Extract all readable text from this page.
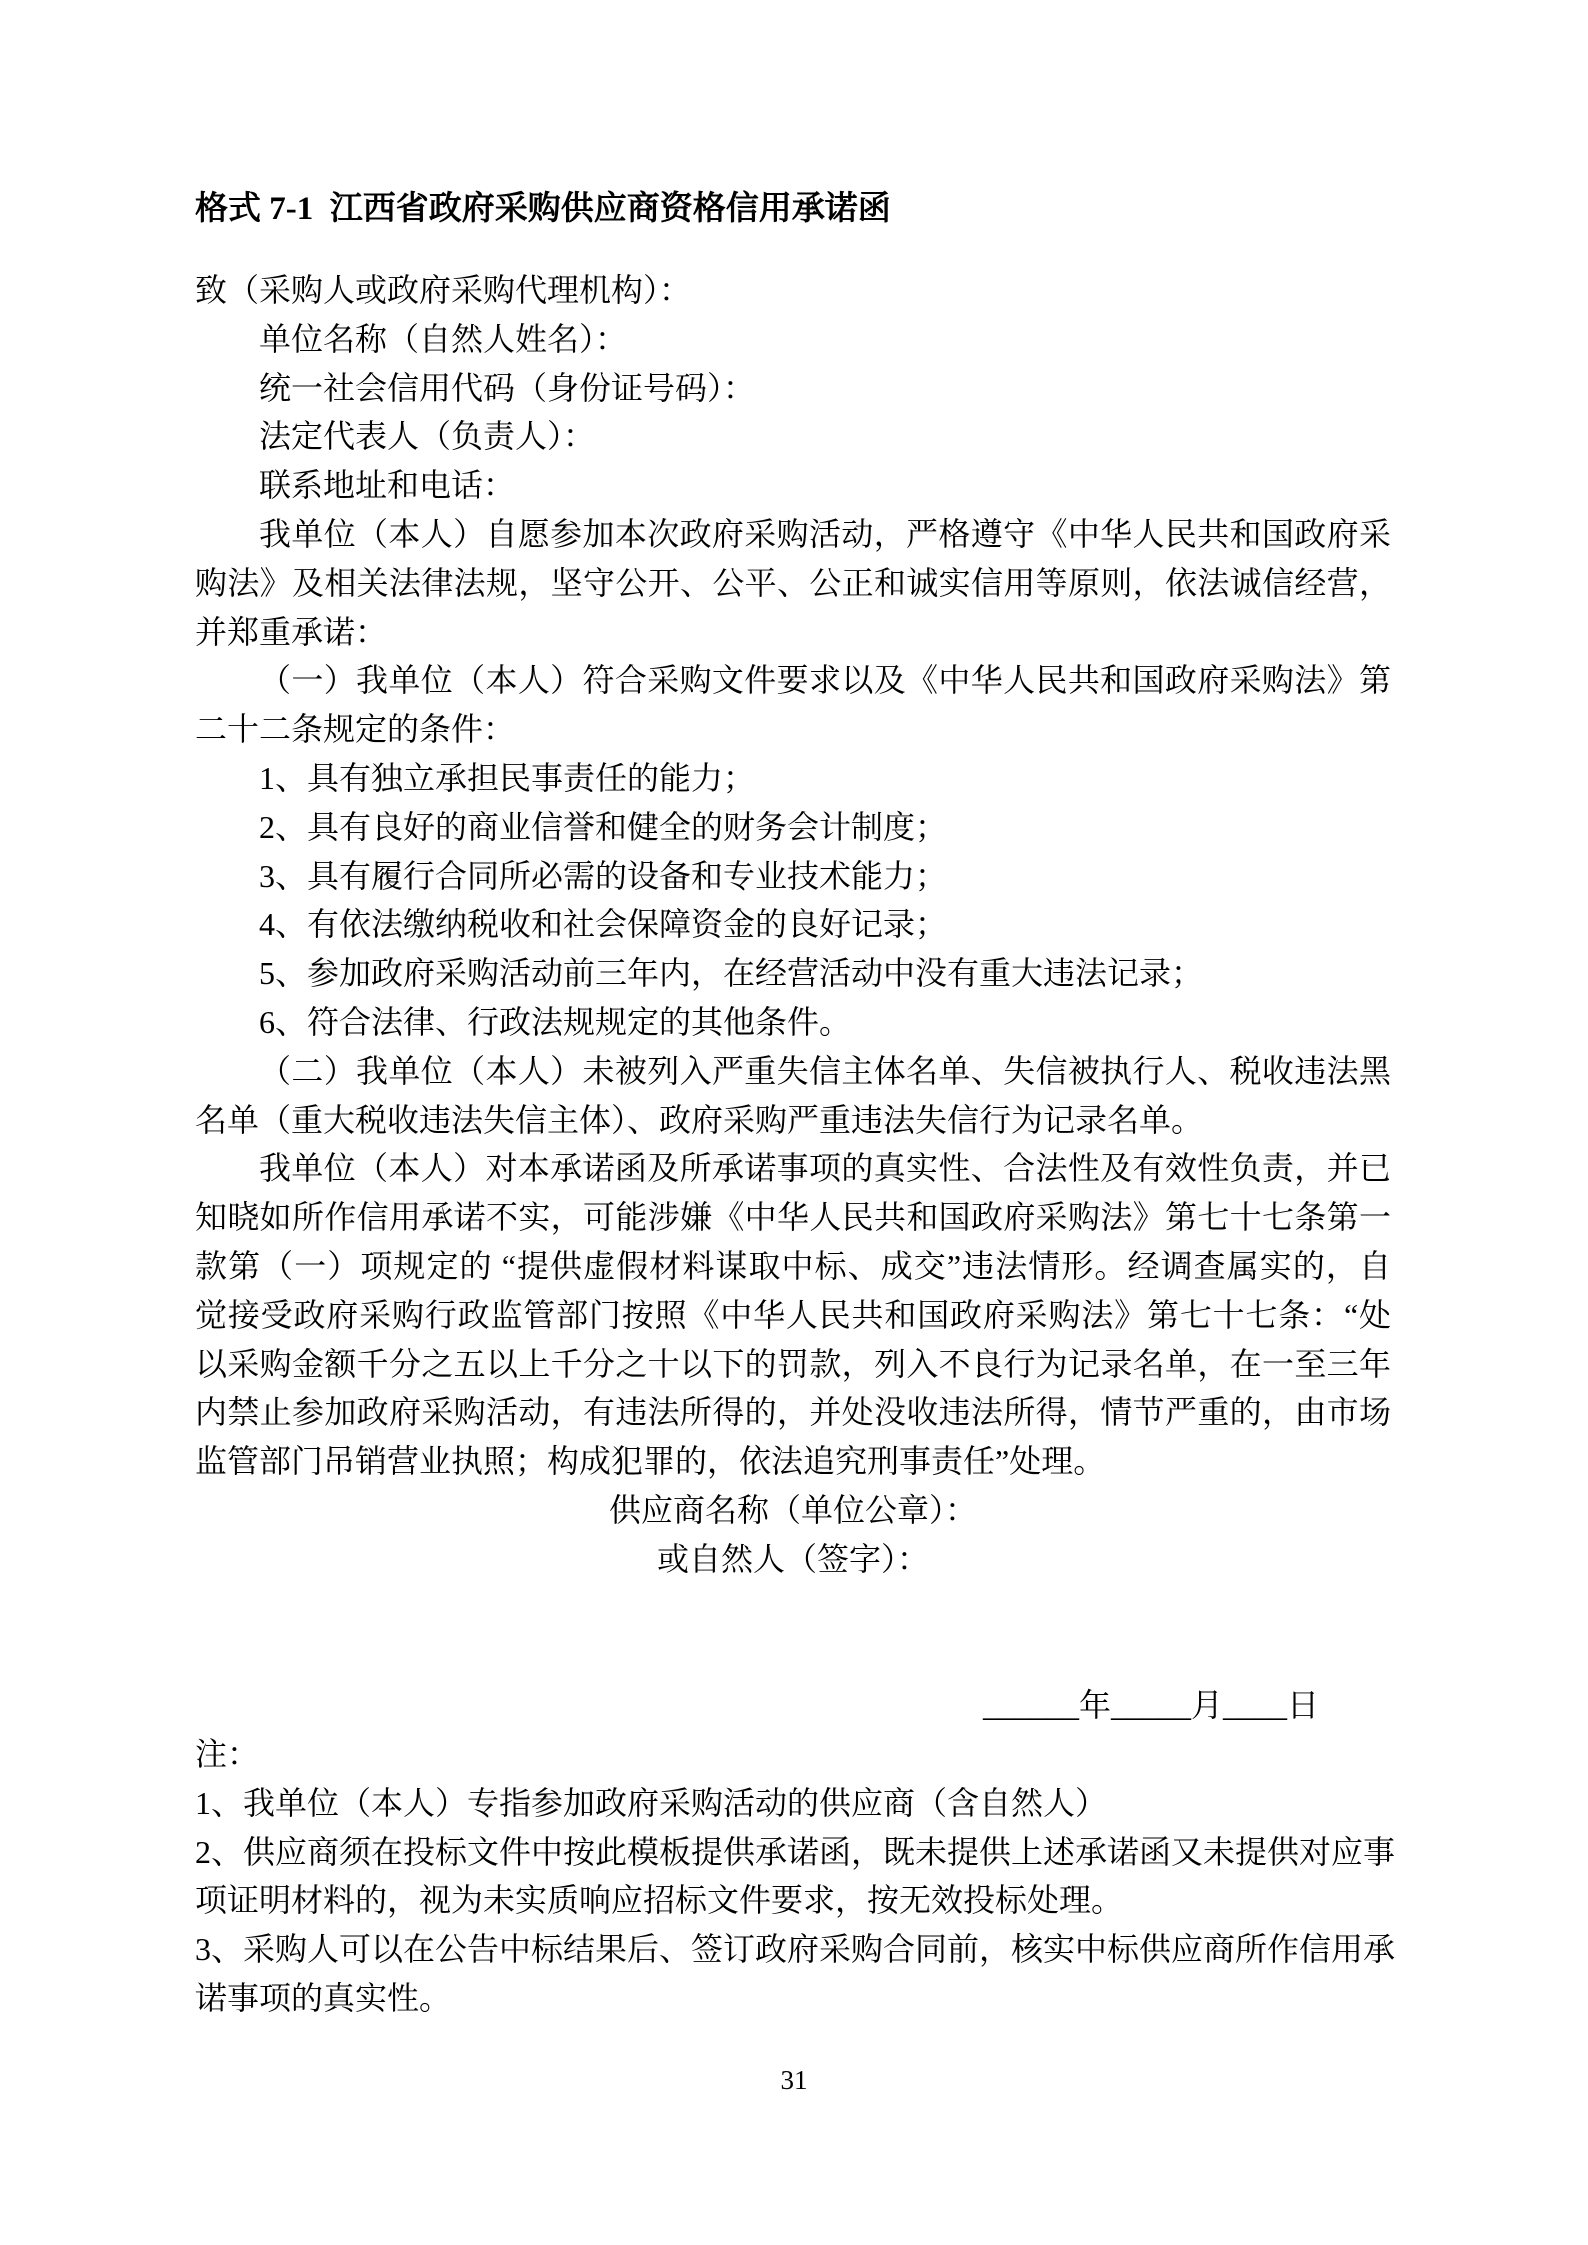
格式 7-1  江西省政府采购供应商资格信用承诺函

致（采购人或政府采购代理机构）：

单位名称（自然人姓名）：

统一社会信用代码（身份证号码）：

法定代表人（负责人）：

联系地址和电话：

我单位（本人）自愿参加本次政府采购活动，严格遵守《中华人民共和国政府采

购法》及相关法律法规，坚守公开、公平、公正和诚实信用等原则，依法诚信经营，

并郑重承诺：

（一）我单位（本人）符合采购文件要求以及《中华人民共和国政府采购法》第

二十二条规定的条件：

1、具有独立承担民事责任的能力；

2、具有良好的商业信誉和健全的财务会计制度；

3、具有履行合同所必需的设备和专业技术能力；

4、有依法缴纳税收和社会保障资金的良好记录；

5、参加政府采购活动前三年内，在经营活动中没有重大违法记录；

6、符合法律、行政法规规定的其他条件。

（二）我单位（本人）未被列入严重失信主体名单、失信被执行人、税收违法黑

名单（重大税收违法失信主体）、政府采购严重违法失信行为记录名单。

我单位（本人）对本承诺函及所承诺事项的真实性、合法性及有效性负责，并已

知晓如所作信用承诺不实，可能涉嫌《中华人民共和国政府采购法》第七十七条第一

款第（一）项规定的 “提供虚假材料谋取中标、成交”违法情形。经调查属实的，自

觉接受政府采购行政监管部门按照《中华人民共和国政府采购法》第七十七条：“处

以采购金额千分之五以上千分之十以下的罚款，列入不良行为记录名单，在一至三年

内禁止参加政府采购活动，有违法所得的，并处没收违法所得，情节严重的，由市场

监管部门吊销营业执照；构成犯罪的，依法追究刑事责任”处理。

供应商名称（单位公章）：

或自然人（签字）：

______年_____月____日

注：

1、我单位（本人）专指参加政府采购活动的供应商（含自然人）

2、供应商须在投标文件中按此模板提供承诺函，既未提供上述承诺函又未提供对应事

项证明材料的，视为未实质响应招标文件要求，按无效投标处理。

3、采购人可以在公告中标结果后、签订政府采购合同前，核实中标供应商所作信用承

诺事项的真实性。

31
